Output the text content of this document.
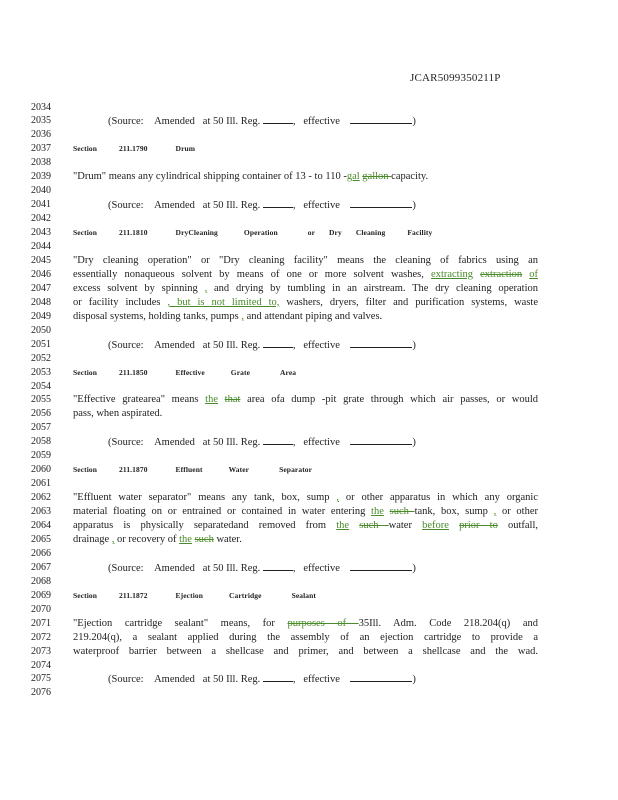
JCAR5099350211P
2034
2035	(Source: Amended at 50 Ill. Reg.	, effective	)
2036
2037	Section	211.1790	Drum
2038
2039 "Drum" means any cylindrical shipping container of 13 - to 110 -gal gallon capacity.
2040
2041	(Source: Amended at 50 Ill. Reg.	, effective	)
2042
2043	Section	211.1810	DryCleaning	Operation	or Dry Cleaning	Facility
2044
2045 "Dry cleaning operation" or "Dry cleaning facility" means the cleaning of fabrics using an
2046 essentially nonaqueous solvent by means of one or more solvent washes, extracting extraction of
2047 excess solvent by spinning , and drying by tumbling in an airstream. The dry cleaning operation
2048 or facility includes , but is not limited to, washers, dryers, filter and purification systems, waste
2049 disposal systems, holding tanks, pumps , and attendant piping and valves.
2050
2051	(Source: Amended at 50 Ill. Reg.	, effective	)
2052
2053	Section	211.1850	Effective	Grate	Area
2054
2055 "Effective gratearea" means the that area ofa dump -pit grate through which air passes, or would
2056 pass, when aspirated.
2057
2058	(Source: Amended at 50 Ill. Reg.	, effective	)
2059
2060	Section	211.1870	Effluent	Water	Separator
2061
2062 "Effluent water separator" means any tank, box, sump , or other apparatus in which any organic
2063 material floating on or entrained or contained in water entering the such tank, box, sump , or other
2064 apparatus is physically separatedand removed from the such water before prior to outfall,
2065 drainage , or recovery of the such water.
2066
2067	(Source: Amended at 50 Ill. Reg.	, effective	)
2068
2069	Section	211.1872	Ejection	Cartridge	Sealant
2070
2071 "Ejection cartridge sealant" means, for purposes of 35Ill. Adm. Code 218.204(q) and
2072 219.204(q), a sealant applied during the assembly of an ejection cartridge to provide a
2073 waterproof barrier between a shellcase and primer, and between a shellcase and the wad.
2074
2075	(Source: Amended at 50 Ill. Reg.	, effective	)
2076
